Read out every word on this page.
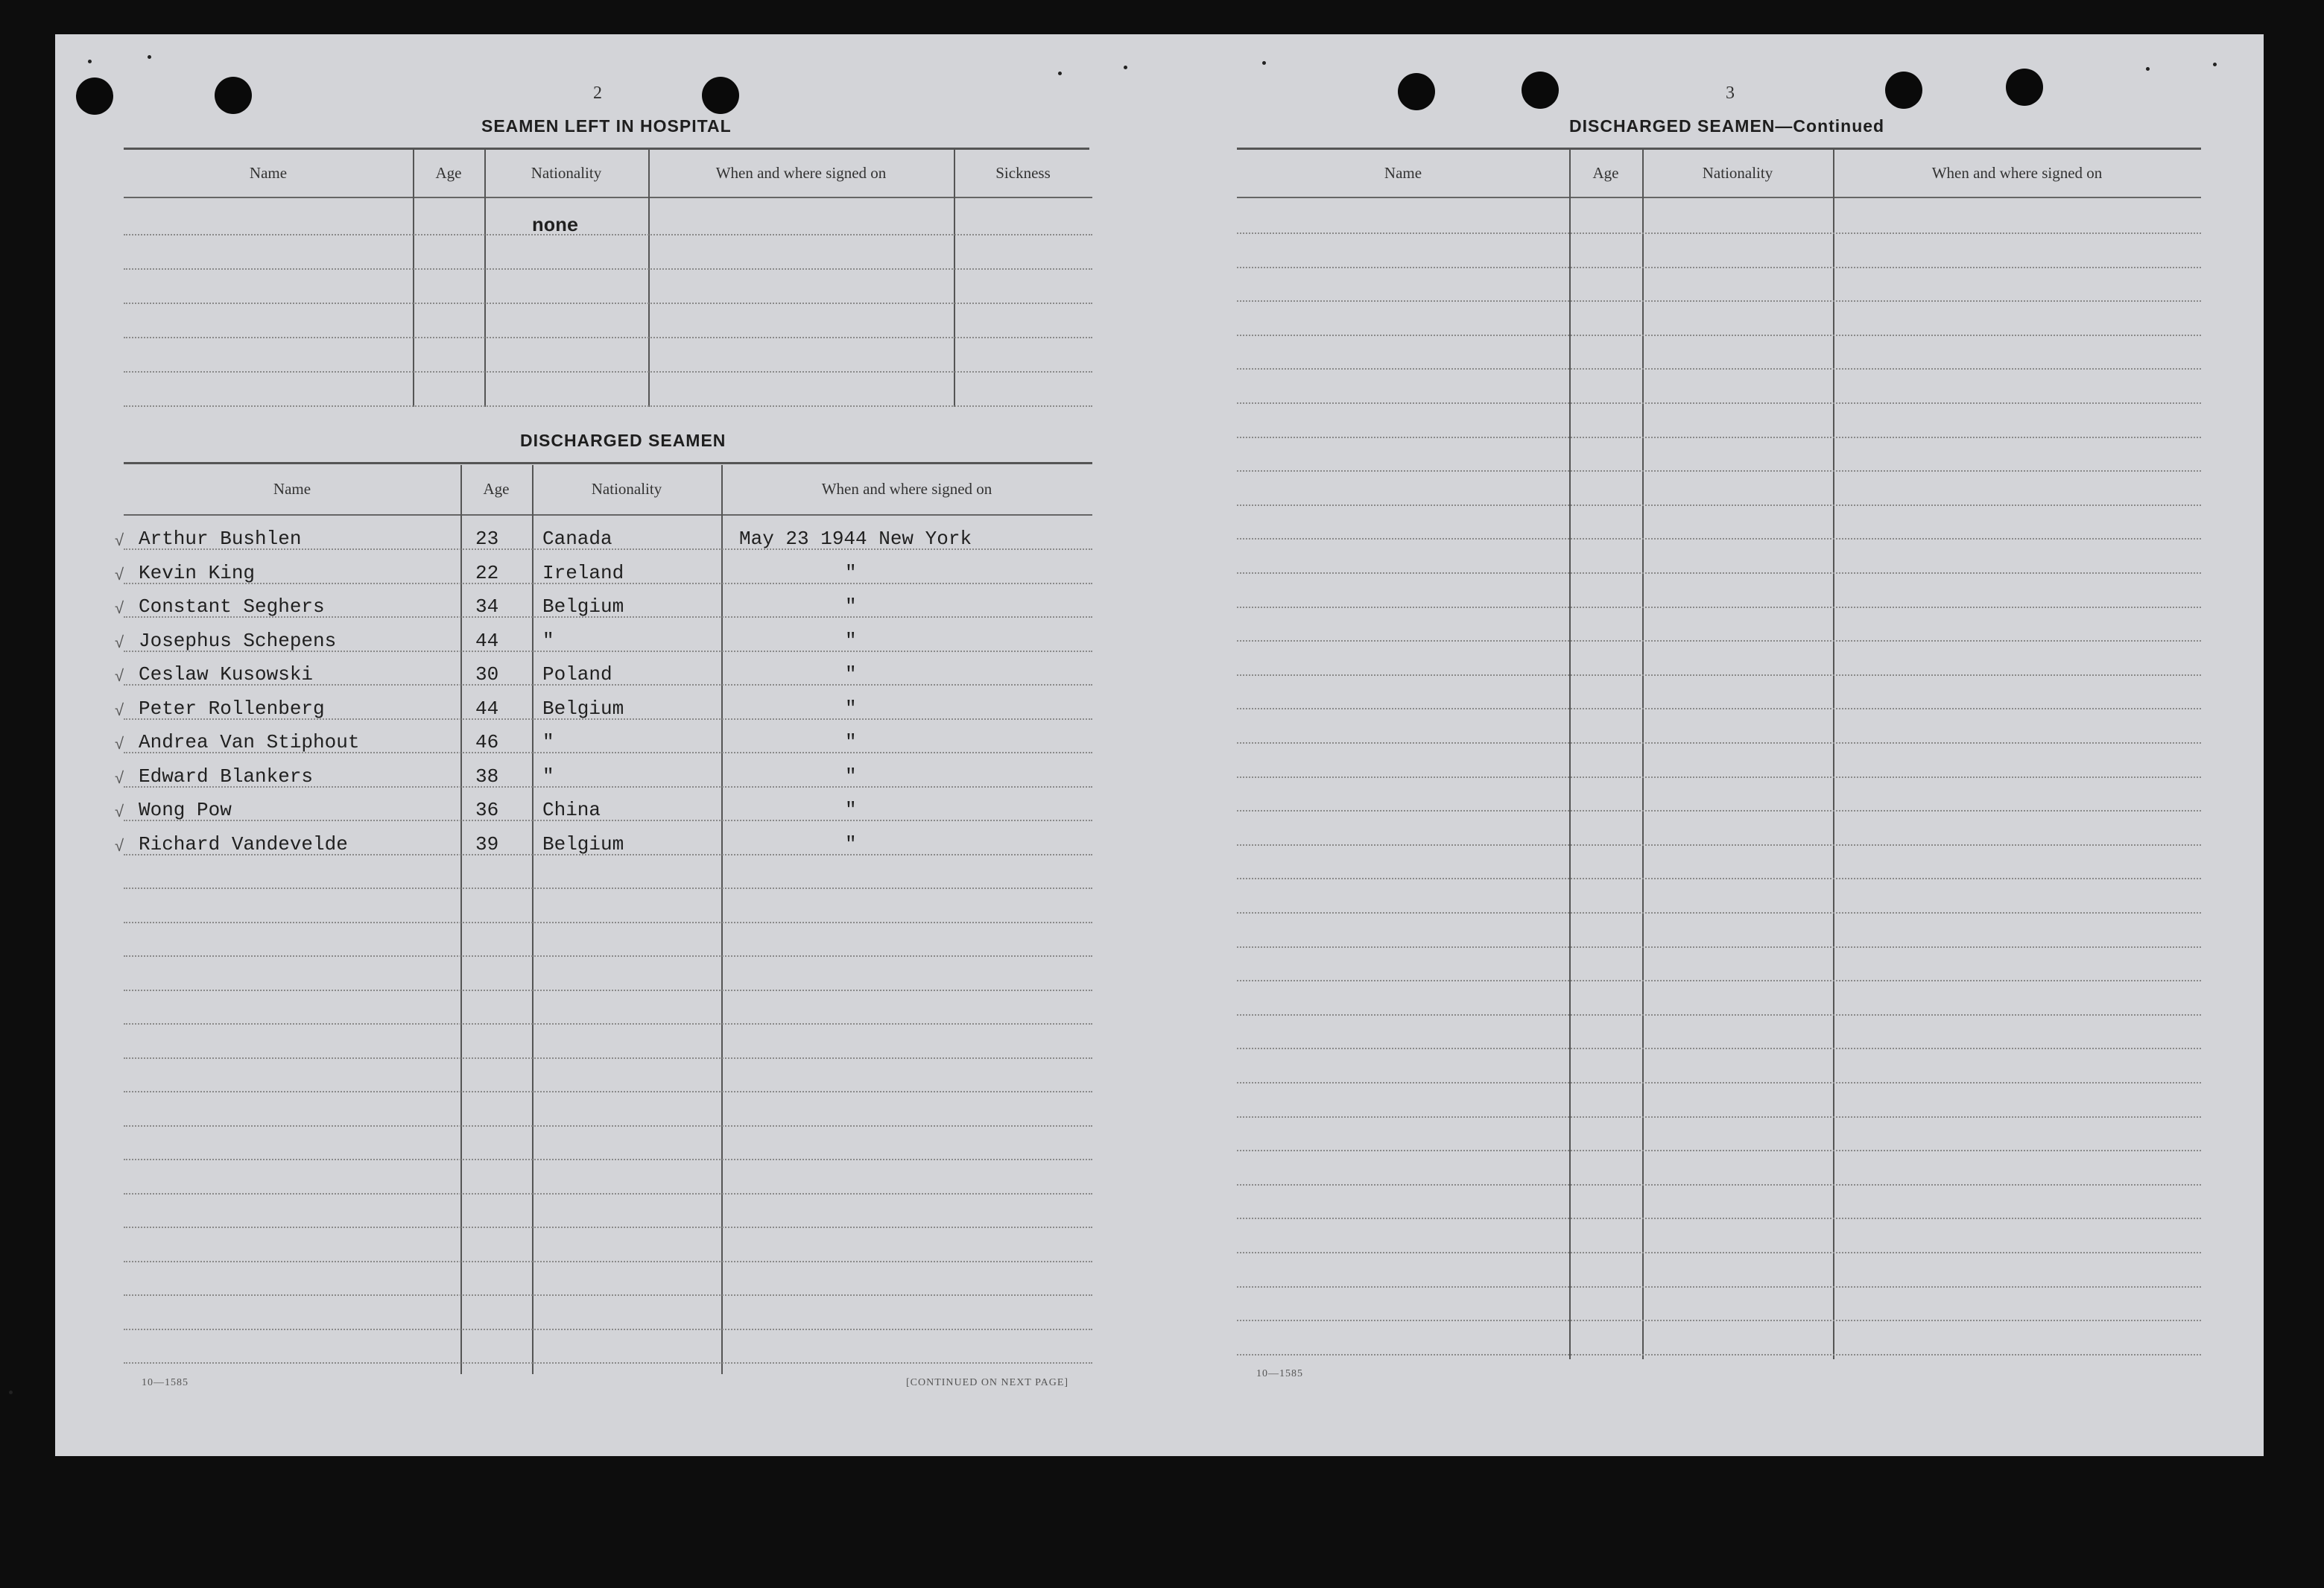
2
SEAMEN LEFT IN HOSPITAL
Name	Age	Nationality	When and where signed on	Sickness
none
DISCHARGED SEAMEN
Name	Age	Nationality	When and where signed on
√ Arthur Bushlen	23 Canada	May 23 1944 New York
√ Kevin King	22 Ireland	"
√ Constant Seghers	34 Belgium	"
√ Josephus Schepens	44 "	"
√ Ceslaw Kusowski	30 Poland	"
√ Peter Rollenberg	44 Belgium	"
√ Andrea Van Stiphout	46 "	"
√ Edward Blankers	38 "	"
√ Wong Pow	36 China	"
√ Richard Vandevelde	39 Belgium	"
10—1585	[CONTINUED ON NEXT PAGE]
3
DISCHARGED SEAMEN—Continued
Name	Age	Nationality	When and where signed on
10—1585
